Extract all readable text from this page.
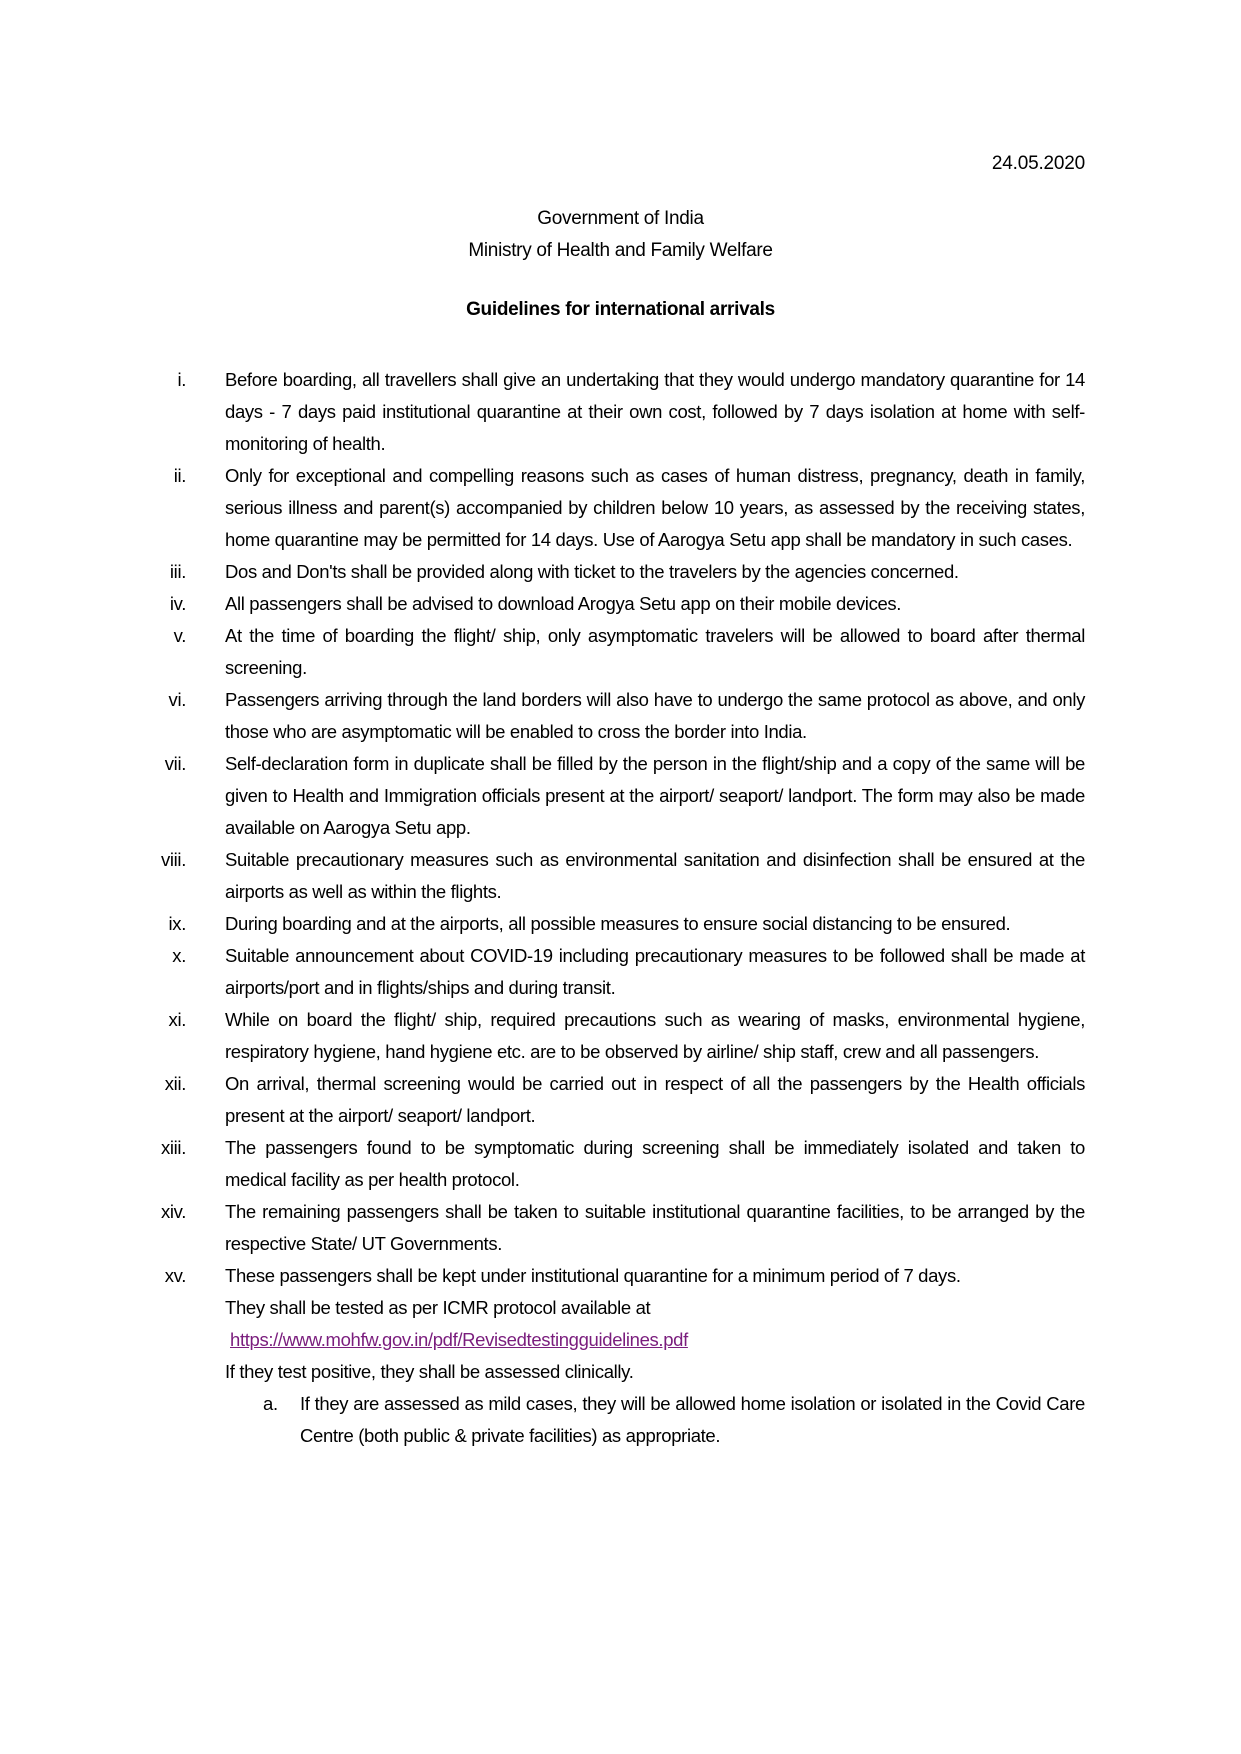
24.05.2020
Government of India
Ministry of Health and Family Welfare
Guidelines for international arrivals
i. Before boarding, all travellers shall give an undertaking that they would undergo mandatory quarantine for 14 days - 7 days paid institutional quarantine at their own cost, followed by 7 days isolation at home with self-monitoring of health.
ii. Only for exceptional and compelling reasons such as cases of human distress, pregnancy, death in family, serious illness and parent(s) accompanied by children below 10 years, as assessed by the receiving states, home quarantine may be permitted for 14 days. Use of Aarogya Setu app shall be mandatory in such cases.
iii. Dos and Don'ts shall be provided along with ticket to the travelers by the agencies concerned.
iv. All passengers shall be advised to download Arogya Setu app on their mobile devices.
v. At the time of boarding the flight/ ship, only asymptomatic travelers will be allowed to board after thermal screening.
vi. Passengers arriving through the land borders will also have to undergo the same protocol as above, and only those who are asymptomatic will be enabled to cross the border into India.
vii. Self-declaration form in duplicate shall be filled by the person in the flight/ship and a copy of the same will be given to Health and Immigration officials present at the airport/ seaport/ landport. The form may also be made available on Aarogya Setu app.
viii. Suitable precautionary measures such as environmental sanitation and disinfection shall be ensured at the airports as well as within the flights.
ix. During boarding and at the airports, all possible measures to ensure social distancing to be ensured.
x. Suitable announcement about COVID-19 including precautionary measures to be followed shall be made at airports/port and in flights/ships and during transit.
xi. While on board the flight/ ship, required precautions such as wearing of masks, environmental hygiene, respiratory hygiene, hand hygiene etc. are to be observed by airline/ ship staff, crew and all passengers.
xii. On arrival, thermal screening would be carried out in respect of all the passengers by the Health officials present at the airport/ seaport/ landport.
xiii. The passengers found to be symptomatic during screening shall be immediately isolated and taken to medical facility as per health protocol.
xiv. The remaining passengers shall be taken to suitable institutional quarantine facilities, to be arranged by the respective State/ UT Governments.
xv. These passengers shall be kept under institutional quarantine for a minimum period of 7 days.
They shall be tested as per ICMR protocol available at
https://www.mohfw.gov.in/pdf/Revisedtestingguidelines.pdf
If they test positive, they shall be assessed clinically.
a. If they are assessed as mild cases, they will be allowed home isolation or isolated in the Covid Care Centre (both public & private facilities) as appropriate.
